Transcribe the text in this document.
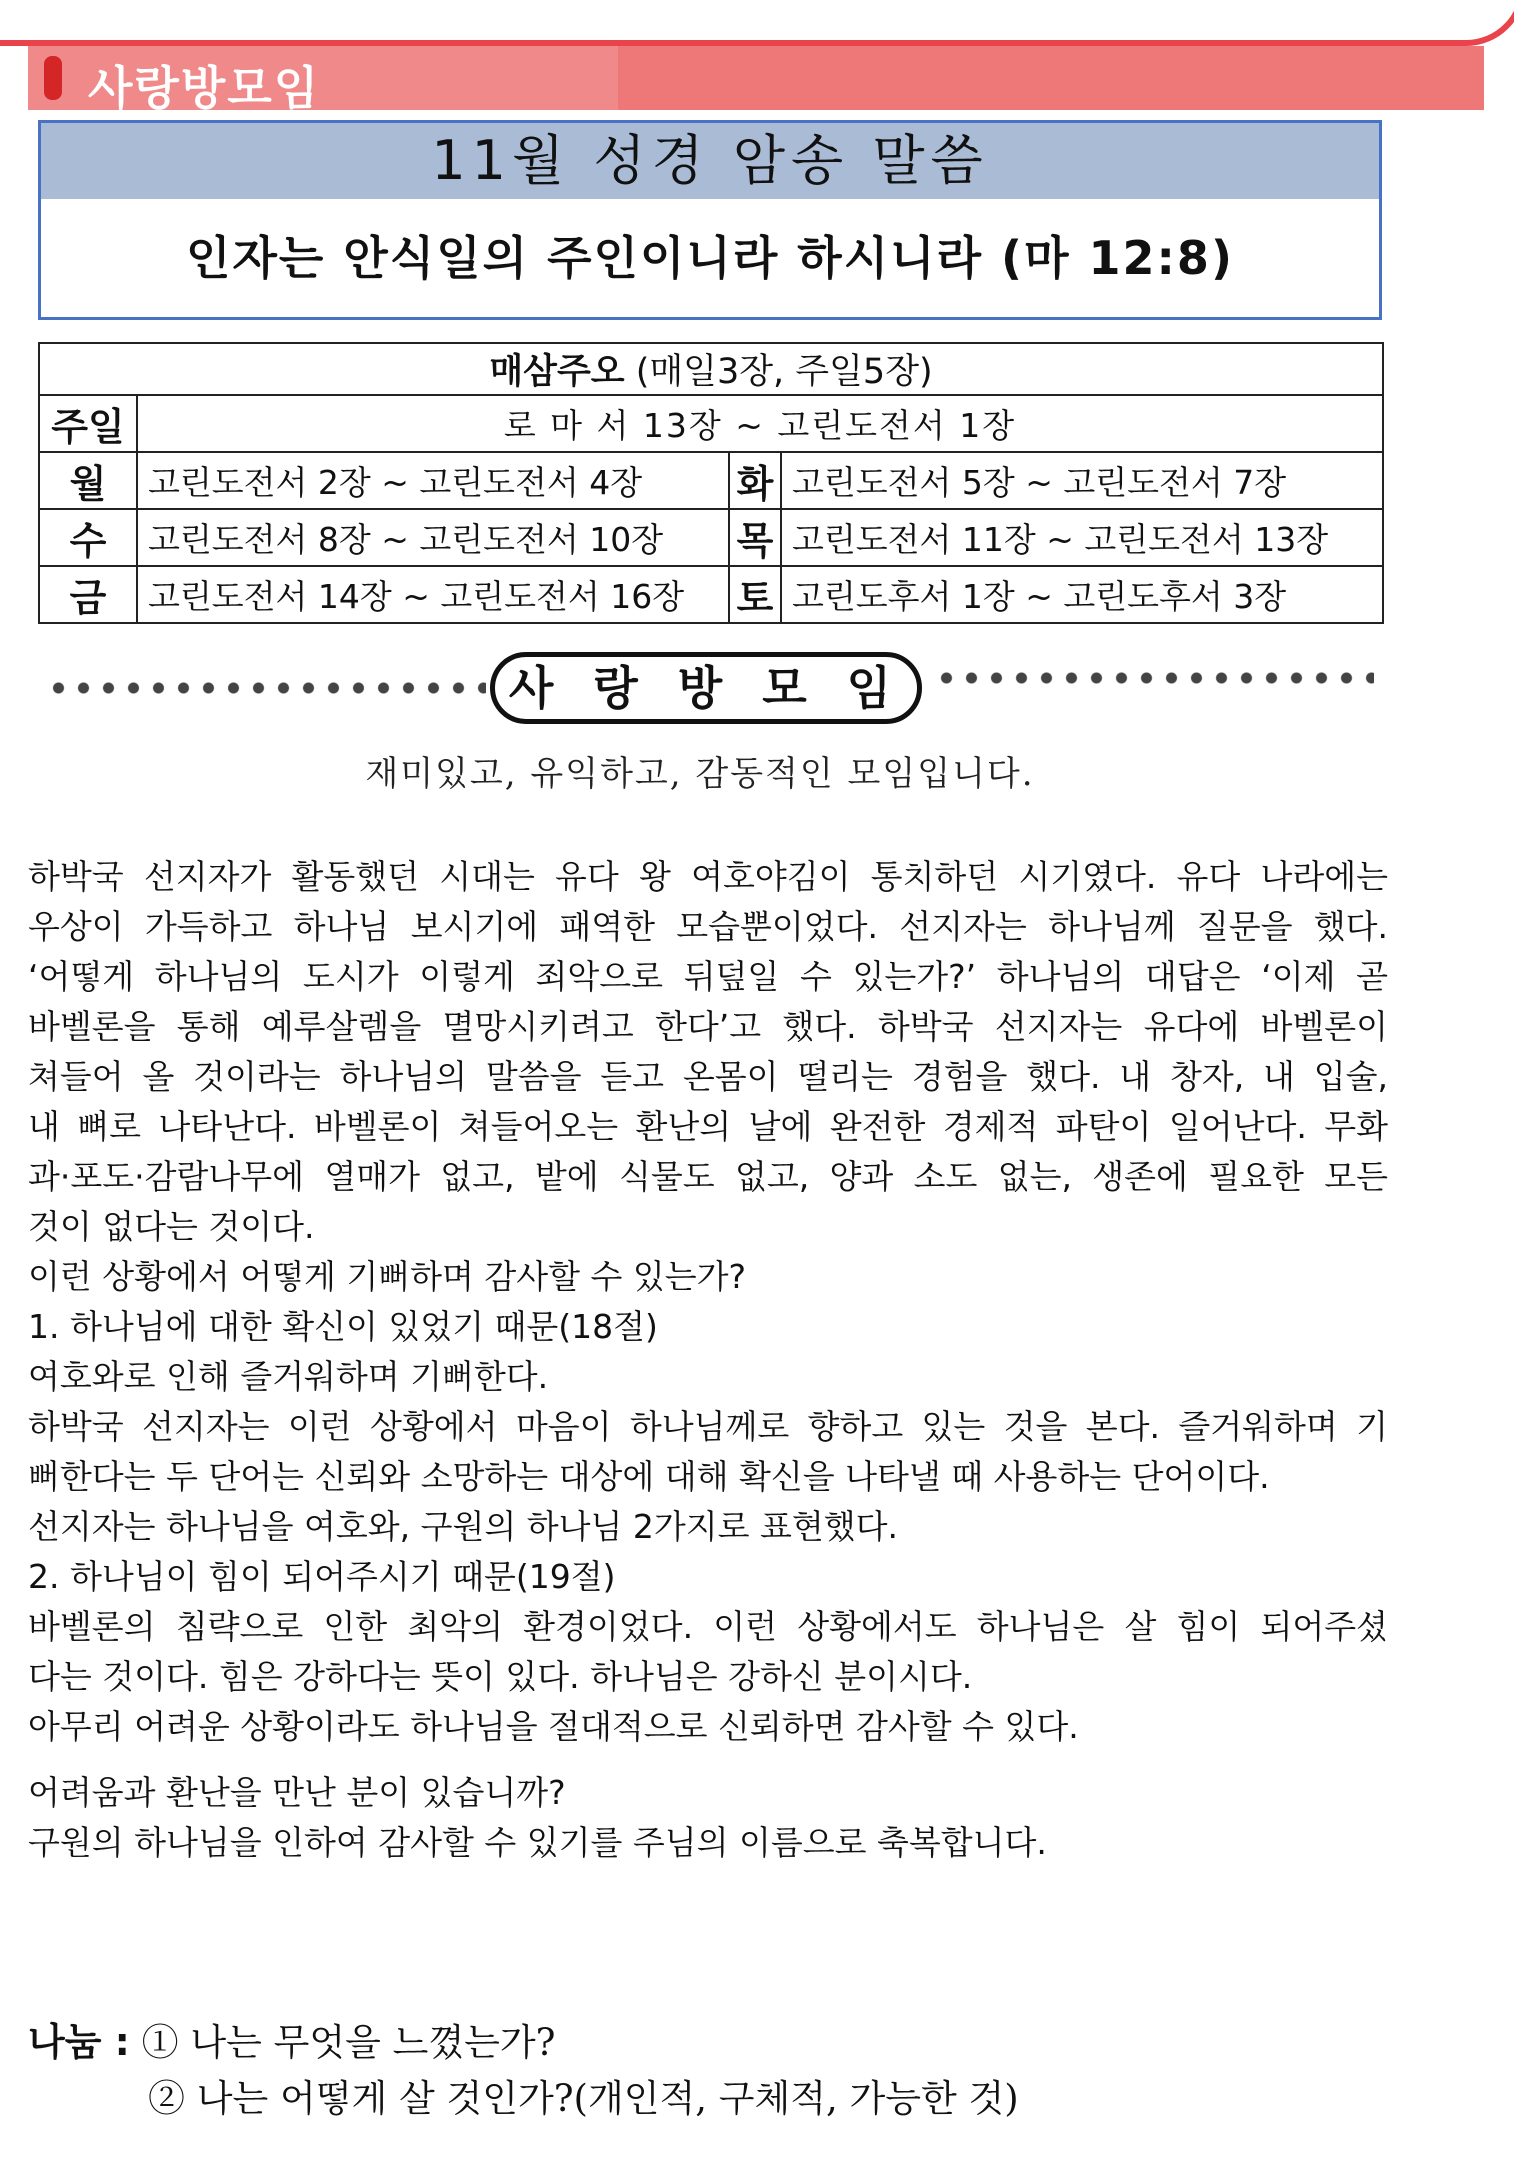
사랑방모임
11월 성경 암송 말씀
인자는 안식일의 주인이니라 하시니라 (마 12:8)
매삼주오 (매일3장, 주일5장)			
주일	로 마 서 13장 ~ 고린도전서 1장		
월	고린도전서 2장 ~ 고린도전서 4장	화	고린도전서 5장 ~ 고린도전서 7장
수	고린도전서 8장 ~ 고린도전서 10장	목	고린도전서 11장 ~ 고린도전서 13장
금	고린도전서 14장 ~ 고린도전서 16장	토	고린도후서 1장 ~ 고린도후서 3장
사 랑 방 모 임
재미있고, 유익하고, 감동적인 모임입니다.

하박국 선지자가 활동했던 시대는 유다 왕 여호야김이 통치하던 시기였다. 유다 나라에는

우상이 가득하고 하나님 보시기에 패역한 모습뿐이었다. 선지자는 하나님께 질문을 했다.

‘어떻게 하나님의 도시가 이렇게 죄악으로 뒤덮일 수 있는가?’ 하나님의 대답은 ‘이제 곧

바벨론을 통해 예루살렘을 멸망시키려고 한다’고 했다. 하박국 선지자는 유다에 바벨론이

쳐들어 올 것이라는 하나님의 말씀을 듣고 온몸이 떨리는 경험을 했다. 내 창자, 내 입술,

내 뼈로 나타난다. 바벨론이 쳐들어오는 환난의 날에 완전한 경제적 파탄이 일어난다. 무화

과·포도·감람나무에 열매가 없고, 밭에 식물도 없고, 양과 소도 없는, 생존에 필요한 모든

것이 없다는 것이다.

이런 상황에서 어떻게 기뻐하며 감사할 수 있는가?

1. 하나님에 대한 확신이 있었기 때문(18절)

여호와로 인해 즐거워하며 기뻐한다.

하박국 선지자는 이런 상황에서 마음이 하나님께로 향하고 있는 것을 본다. 즐거워하며 기

뻐한다는 두 단어는 신뢰와 소망하는 대상에 대해 확신을 나타낼 때 사용하는 단어이다.

선지자는 하나님을 여호와, 구원의 하나님 2가지로 표현했다.

2. 하나님이 힘이 되어주시기 때문(19절)

바벨론의 침략으로 인한 최악의 환경이었다. 이런 상황에서도 하나님은 살 힘이 되어주셨

다는 것이다. 힘은 강하다는 뜻이 있다. 하나님은 강하신 분이시다.

아무리 어려운 상황이라도 하나님을 절대적으로 신뢰하면 감사할 수 있다.

어려움과 환난을 만난 분이 있습니까?

구원의 하나님을 인하여 감사할 수 있기를 주님의 이름으로 축복합니다.

나눔 : ① 나는 무엇을 느꼈는가?
② 나는 어떻게 살 것인가?(개인적, 구체적, 가능한 것)
